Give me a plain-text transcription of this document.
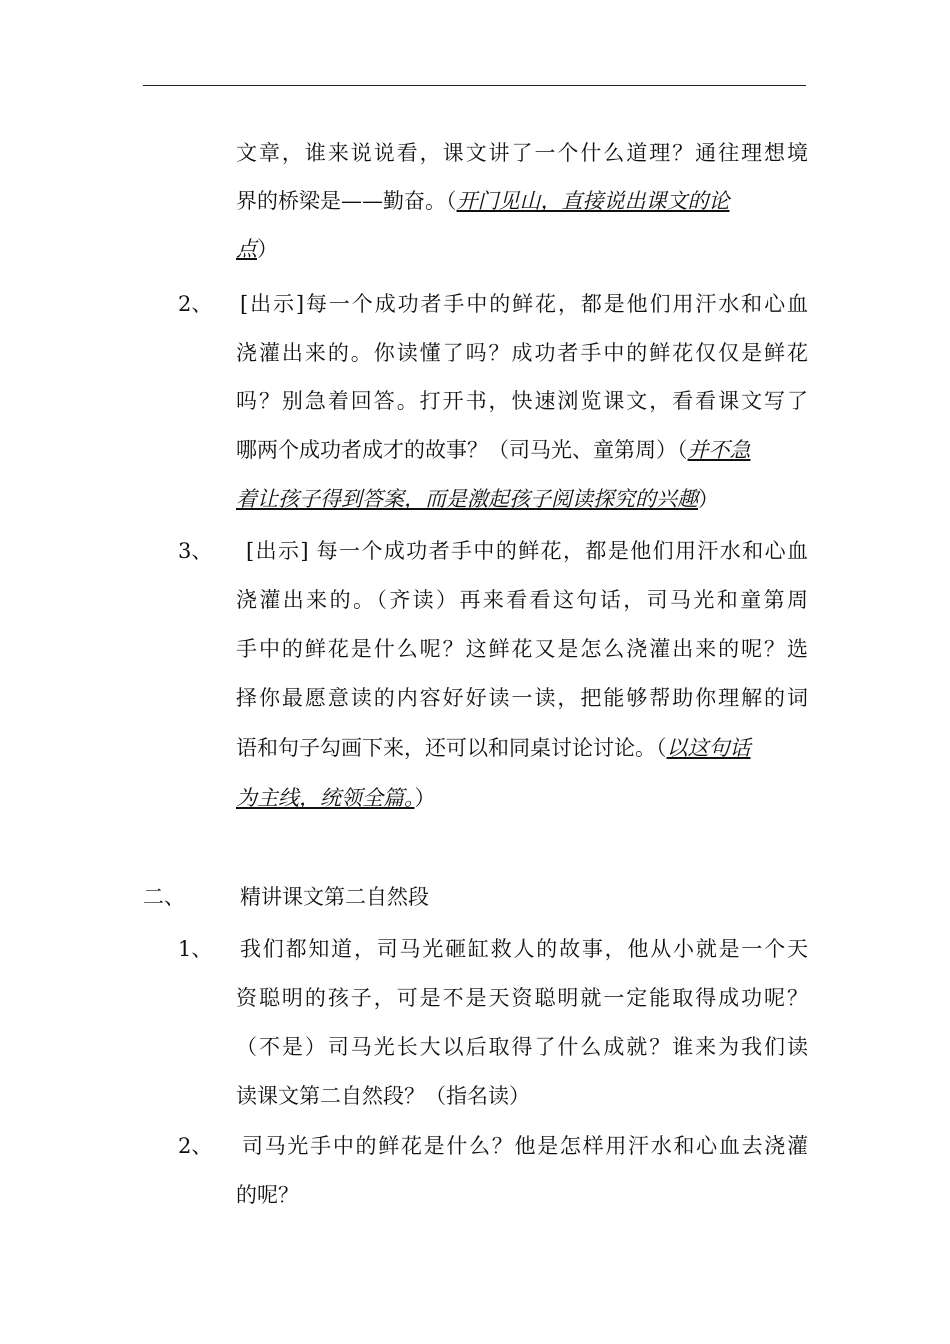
文章，谁来说说看，课文讲了一个什么道理？通往理想境
界的桥梁是——勤奋。（开门见山，直接说出课文的论
点）
2、 [出示]每一个成功者手中的鲜花，都是他们用汗水和心血
浇灌出来的。你读懂了吗？成功者手中的鲜花仅仅是鲜花
吗？别急着回答。打开书，快速浏览课文，看看课文写了
哪两个成功者成才的故事？（司马光、童第周）（并不急
着让孩子得到答案，而是激起孩子阅读探究的兴趣）
3、 [出示] 每一个成功者手中的鲜花，都是他们用汗水和心血
浇灌出来的。（齐读）再来看看这句话，司马光和童第周
手中的鲜花是什么呢？这鲜花又是怎么浇灌出来的呢？选
择你最愿意读的内容好好读一读，把能够帮助你理解的词
语和句子勾画下来，还可以和同桌讨论讨论。（以这句话
为主线，统领全篇。）
二、	精讲课文第二自然段
1、 我们都知道，司马光砸缸救人的故事，他从小就是一个天
资聪明的孩子，可是不是天资聪明就一定能取得成功呢？
（不是）司马光长大以后取得了什么成就？谁来为我们读
读课文第二自然段？（指名读）
2、 司马光手中的鲜花是什么？他是怎样用汗水和心血去浇灌
的呢？
